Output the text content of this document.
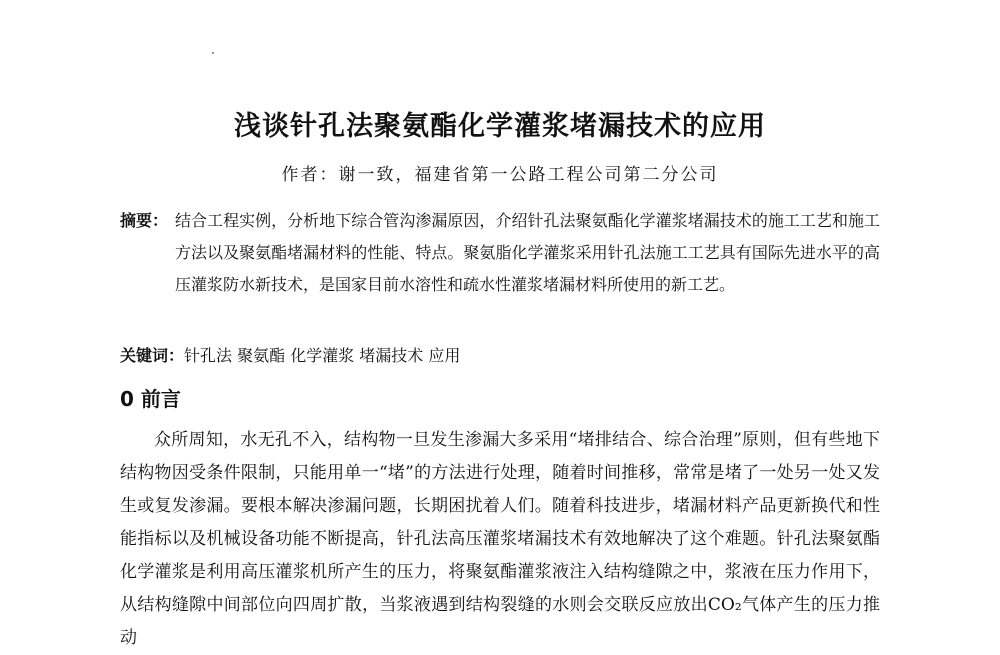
浅谈针孔法聚氨酯化学灌浆堵漏技术的应用

作者：谢一致，福建省第一公路工程公司第二分公司

摘要： 结合工程实例，分析地下综合管沟渗漏原因，介绍针孔法聚氨酯化学灌浆堵漏技术的施工工艺和施工方法以及聚氨酯堵漏材料的性能、特点。聚氨脂化学灌浆采用针孔法施工工艺具有国际先进水平的高压灌浆防水新技术，是国家目前水溶性和疏水性灌浆堵漏材料所使用的新工艺。
关键词：针孔法 聚氨酯 化学灌浆 堵漏技术 应用
0 前言

众所周知，水无孔不入，结构物一旦发生渗漏大多采用“堵排结合、综合治理”原则，但有些地下结构物因受条件限制，只能用单一“堵”的方法进行处理，随着时间推移，常常是堵了一处另一处又发生或复发渗漏。要根本解决渗漏问题，长期困扰着人们。随着科技进步，堵漏材料产品更新换代和性能指标以及机械设备功能不断提高，针孔法高压灌浆堵漏技术有效地解决了这个难题。针孔法聚氨酯化学灌浆是利用高压灌浆机所产生的压力，将聚氨酯灌浆液注入结构缝隙之中，浆液在压力作用下，从结构缝隙中间部位向四周扩散，当浆液遇到结构裂缝的水则会交联反应放出CO₂气体产生的压力推动
